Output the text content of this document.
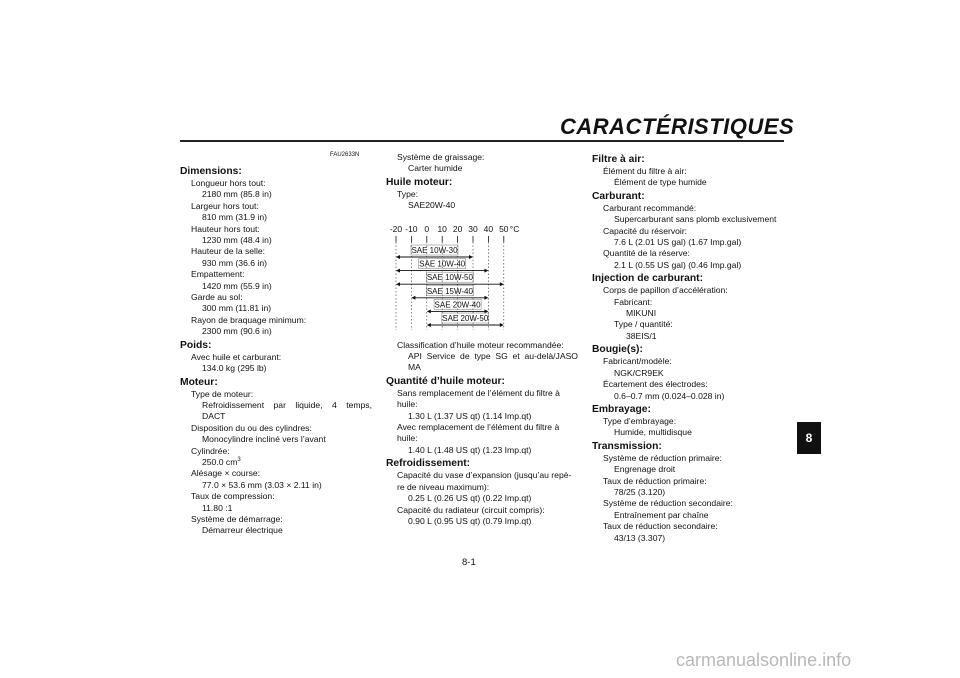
CARACTÉRISTIQUES
FAU2633N
Dimensions:
Longueur hors tout:
2180 mm (85.8 in)
Largeur hors tout:
810 mm (31.9 in)
Hauteur hors tout:
1230 mm (48.4 in)
Hauteur de la selle:
930 mm (36.6 in)
Empattement:
1420 mm (55.9 in)
Garde au sol:
300 mm (11.81 in)
Rayon de braquage minimum:
2300 mm (90.6 in)
Poids:
Avec huile et carburant:
134.0 kg (295 lb)
Moteur:
Type de moteur:
Refroidissement par liquide, 4 temps,
DACT
Disposition du ou des cylindres:
Monocylindre incliné vers l’avant
Cylindrée:
250.0 $cm^3$
Alésage × course:
77.0 × 53.6 mm (3.03 × 2.11 in)
Taux de compression:
11.80 :1
Système de démarrage:
Démarreur électrique
Système de graissage:
Carter humide
Huile moteur:
Type:
SAE20W-40
Classification d’huile moteur recommandée:
API Service de type SG et au-delà/JASO
MA
Quantité d’huile moteur:
Sans remplacement de l’élément du filtre à
huile:
1.30 L (1.37 US qt) (1.14 Imp.qt)
Avec remplacement de l’élément du filtre à
huile:
1.40 L (1.48 US qt) (1.23 Imp.qt)
Refroidissement:
Capacité du vase d’expansion (jusqu’au repè-
re de niveau maximum):
0.25 L (0.26 US qt) (0.22 Imp.qt)
Capacité du radiateur (circuit compris):
0.90 L (0.95 US qt) (0.79 Imp.qt)
-20 -10 0 10 20 30 40 50 °C
SAE 10W-30
SAE 10W-40
SAE 10W-50
SAE 15W-40
SAE 20W-40
SAE 20W-50
Filtre à air:
Élément du filtre à air:
Élément de type humide
Carburant:
Carburant recommandé:
Supercarburant sans plomb exclusivement
Capacité du réservoir:
7.6 L (2.01 US gal) (1.67 Imp.gal)
Quantité de la réserve:
2.1 L (0.55 US gal) (0.46 Imp.gal)
Injection de carburant:
Corps de papillon d’accélération:
Fabricant:
MIKUNI
Type / quantité:
38EIS/1
Bougie(s):
Fabricant/modèle:
NGK/CR9EK
Écartement des électrodes:
0.6–0.7 mm (0.024–0.028 in)
Embrayage:
Type d’embrayage:
Humide, multidisque
Transmission:
Système de réduction primaire:
Engrenage droit
Taux de réduction primaire:
78/25 (3.120)
Système de réduction secondaire:
Entraînement par chaîne
Taux de réduction secondaire:
43/13 (3.307)
8
8-1
carmanualsonline.info
